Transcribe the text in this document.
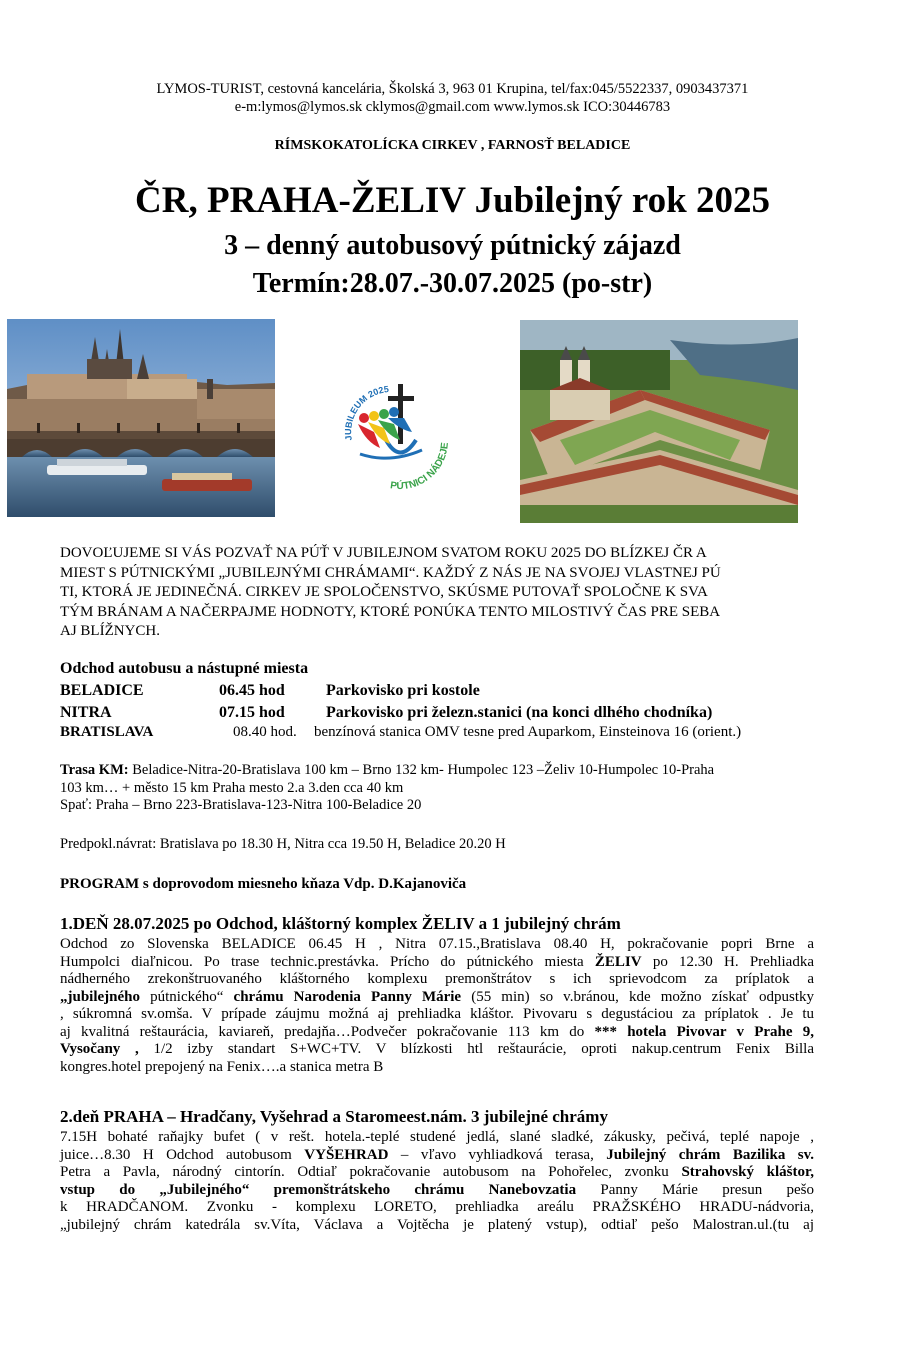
LYMOS-TURIST, cestovná kancelária, Školská 3, 963 01 Krupina, tel/fax:045/5522337, 0903437371
e-m:lymos@lymos.sk cklymos@gmail.com www.lymos.sk ICO:30446783
RÍMSKOKATOLÍCKA CIRKEV , FARNOSŤ BELADICE
ČR, PRAHA-ŽELIV Jubilejný rok 2025
3 – denný autobusový pútnický zájazd
Termín:28.07.-30.07.2025 (po-str)
JUBILEUM 2025
PÚTNICI NÁDEJE
DOVOĽUJEME SI VÁS POZVAŤ NA PÚŤ V JUBILEJNOM SVATOM ROKU 2025 DO BLÍZKEJ ČR A
MIEST S PÚTNICKÝMI „JUBILEJNÝMI CHRÁMAMI“. KAŽDÝ Z NÁS JE NA SVOJEJ VLASTNEJ PÚ
TI, KTORÁ JE JEDINEČNÁ. CIRKEV JE SPOLOČENSTVO, SKÚSME PUTOVAŤ SPOLOČNE K SVA
TÝM BRÁNAM A NAČERPAJME HODNOTY, KTORÉ PONÚKA TENTO MILOSTIVÝ ČAS PRE SEBA
AJ BLÍŽNYCH.
Odchod autobusu a nástupné miesta
BELADICE	06.45 hod	Parkovisko pri kostole
NITRA	07.15 hod	Parkovisko pri železn.stanici (na konci dlhého chodníka)
BRATISLAVA	08.40 hod. benzínová stanica OMV tesne pred Auparkom, Einsteinova 16 (orient.)
Trasa KM: Beladice-Nitra-20-Bratislava 100 km – Brno 132 km- Humpolec 123 –Želiv 10-Humpolec 10-Praha
103 km… + město 15 km Praha mesto 2.a 3.den cca 40 km
Spať: Praha – Brno 223-Bratislava-123-Nitra 100-Beladice 20
Predpokl.návrat: Bratislava po 18.30 H, Nitra cca 19.50 H, Beladice 20.20 H
PROGRAM s doprovodom miesneho kňaza Vdp. D.Kajanoviča
1.DEŇ 28.07.2025 po Odchod, kláštorný komplex ŽELIV a 1 jubilejný chrám
Odchod zo Slovenska BELADICE 06.45 H , Nitra 07.15.,Bratislava 08.40 H, pokračovanie popri Brne a
Humpolci diaľnicou. Po trase technic.prestávka. Prícho do pútnického miesta ŽELIV po 12.30 H. Prehliadka
nádherného zrekonštruovaného kláštorného komplexu premonštrátov s ich sprievodcom za príplatok a
„jubilejného pútnického“ chrámu Narodenia Panny Márie (55 min) so v.bránou, kde možno získať odpustky
, súkromná sv.omša. V prípade záujmu možná aj prehliadka kláštor. Pivovaru s degustáciou za príplatok . Je tu
aj kvalitná reštaurácia, kaviareň, predajňa…Podvečer pokračovanie 113 km do *** hotela Pivovar v Prahe 9,
Vysočany , 1/2 izby standart S+WC+TV. V blízkosti htl reštaurácie, oproti nakup.centrum Fenix Billa
kongres.hotel prepojený na Fenix….a stanica metra B
2.deň PRAHA – Hradčany, Vyšehrad a Staromeest.nám. 3 jubilejné chrámy
7.15H bohaté raňajky bufet ( v rešt. hotela.-teplé studené jedlá, slané sladké, zákusky, pečivá, teplé napoje ,
juice…8.30 H Odchod autobusom VYŠEHRAD – vľavo vyhliadková terasa, Jubilejný chrám Bazilika sv.
Petra a Pavla, národný cintorín. Odtiaľ pokračovanie autobusom na Pohořelec, zvonku Strahovský kláštor,
vstup do „Jubilejného“ premonštrátskeho chrámu Nanebovzatia Panny Márie presun pešo
k HRADČANOM. Zvonku - komplexu LORETO, prehliadka areálu PRAŽSKÉHO HRADU-nádvoria,
„jubilejný chrám katedrála sv.Víta, Václava a Vojtěcha je platený vstup), odtiaľ pešo Malostran.ul.(tu aj
